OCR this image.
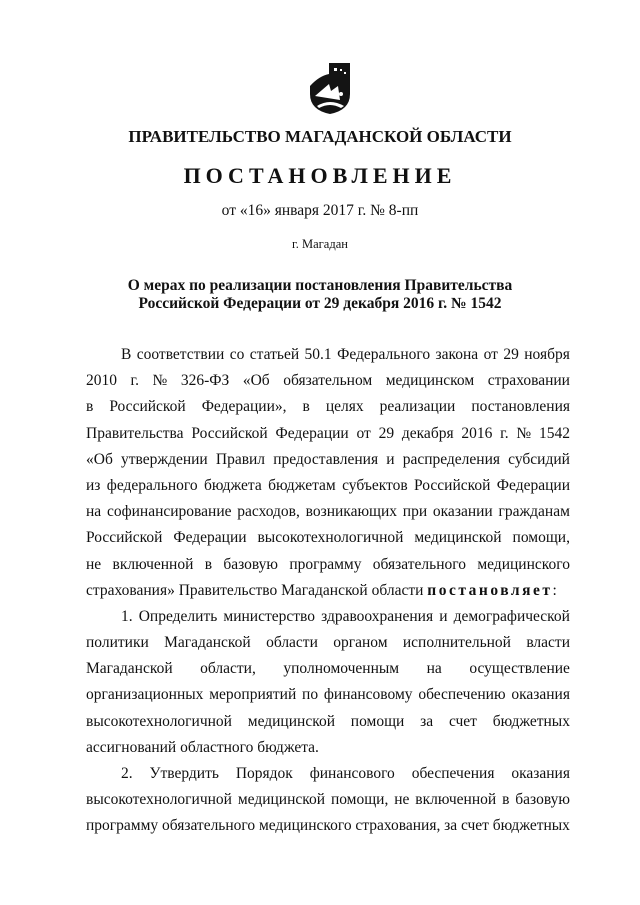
ПРАВИТЕЛЬСТВО МАГАДАНСКОЙ ОБЛАСТИ
ПОСТАНОВЛЕНИЕ
от «16» января 2017 г. № 8-пп
г. Магадан
О мерах по реализации постановления Правительства
Российской Федерации от 29 декабря 2016 г. № 1542
В соответствии со статьей 50.1 Федерального закона от 29 ноября
2010 г. № 326-ФЗ «Об обязательном медицинском страховании
в Российской Федерации», в целях реализации постановления
Правительства Российской Федерации от 29 декабря 2016 г. № 1542
«Об утверждении Правил предоставления и распределения субсидий
из федерального бюджета бюджетам субъектов Российской Федерации
на софинансирование расходов, возникающих при оказании гражданам
Российской Федерации высокотехнологичной медицинской помощи,
не включенной в базовую программу обязательного медицинского
страхования» Правительство Магаданской области
постановляет :
1. Определить министерство здравоохранения и демографической
политики Магаданской области органом исполнительной власти
Магаданской области, уполномоченным на осуществление
организационных мероприятий по финансовому обеспечению оказания
высокотехнологичной медицинской помощи за счет бюджетных
ассигнований областного бюджета.
2. Утвердить Порядок финансового обеспечения оказания
высокотехнологичной медицинской помощи, не включенной в базовую
программу обязательного медицинского страхования, за счет бюджетных
